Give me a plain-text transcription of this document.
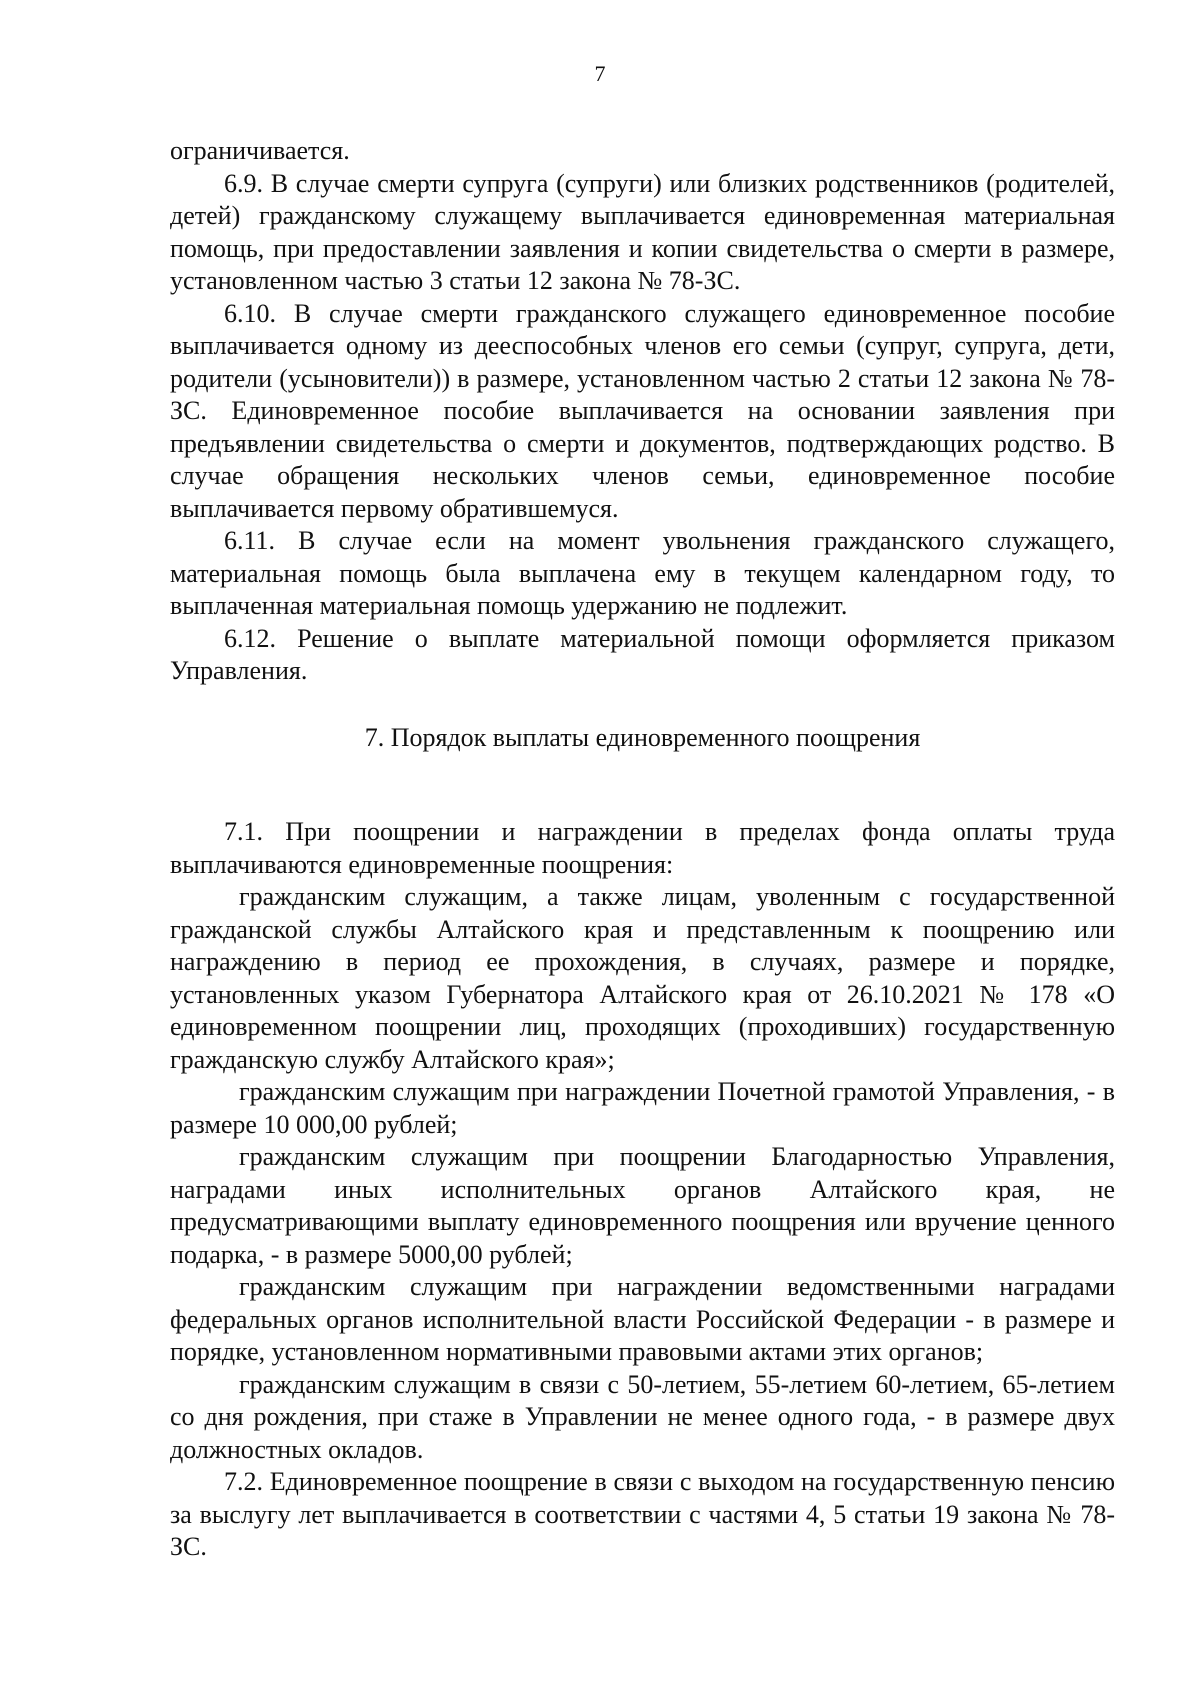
7

ограничивается.

6.9. В случае смерти супруга (супруги) или близких родственников (родителей, детей) гражданскому служащему выплачивается единовременная материальная помощь, при предоставлении заявления и копии свидетельства о смерти в размере, установленном частью 3 статьи 12 закона № 78-ЗС.

6.10. В случае смерти гражданского служащего единовременное пособие выплачивается одному из дееспособных членов его семьи (супруг, супруга, дети, родители (усыновители)) в размере, установленном частью 2 статьи 12 закона № 78-ЗС. Единовременное пособие выплачивается на основании заявления при предъявлении свидетельства о смерти и документов, подтверждающих родство. В случае обращения нескольких членов семьи, единовременное пособие выплачивается первому обратившемуся.

6.11. В случае если на момент увольнения гражданского служащего, материальная помощь была выплачена ему в текущем календарном году, то выплаченная материальная помощь удержанию не подлежит.

6.12. Решение о выплате материальной помощи оформляется приказом Управления.

7. Порядок выплаты единовременного поощрения

7.1. При поощрении и награждении в пределах фонда оплаты труда выплачиваются единовременные поощрения:

гражданским служащим, а также лицам, уволенным с государственной гражданской службы Алтайского края и представленным к поощрению или награждению в период ее прохождения, в случаях, размере и порядке, установленных указом Губернатора Алтайского края от 26.10.2021 № 178 «О единовременном поощрении лиц, проходящих (проходивших) государственную гражданскую службу Алтайского края»;

гражданским служащим при награждении Почетной грамотой Управления, - в размере 10 000,00 рублей;

гражданским служащим при поощрении Благодарностью Управления, наградами иных исполнительных органов Алтайского края, не предусматривающими выплату единовременного поощрения или вручение ценного подарка, - в размере 5000,00 рублей;

гражданским служащим при награждении ведомственными наградами федеральных органов исполнительной власти Российской Федерации - в размере и порядке, установленном нормативными правовыми актами этих органов;

гражданским служащим в связи с 50-летием, 55-летием 60-летием, 65-летием со дня рождения, при стаже в Управлении не менее одного года, - в размере двух должностных окладов.

7.2. Единовременное поощрение в связи с выходом на государственную пенсию за выслугу лет выплачивается в соответствии с частями 4, 5 статьи 19 закона № 78-ЗС.
